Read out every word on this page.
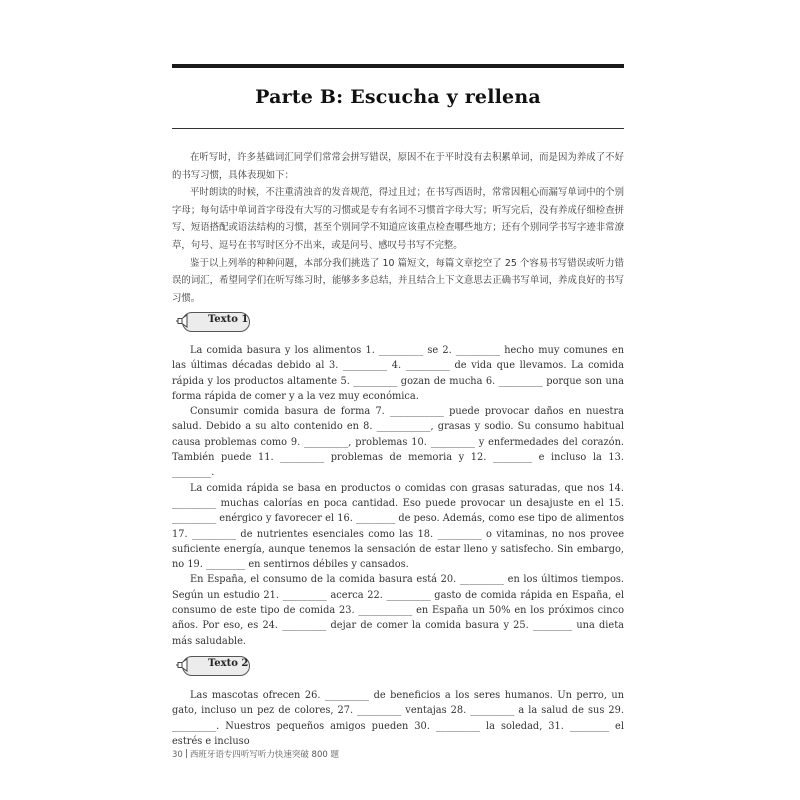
Parte B: Escucha y rellena

在听写时，许多基础词汇同学们常常会拼写错误，原因不在于平时没有去积累单词，而是因为养成了不好的书写习惯，具体表现如下：

平时朗读的时候，不注重清浊音的发音规范，得过且过；在书写西语时，常常因粗心而漏写单词中的个别字母；每句话中单词首字母没有大写的习惯或是专有名词不习惯首字母大写；听写完后，没有养成仔细检查拼写、短语搭配或语法结构的习惯，甚至个别同学不知道应该重点检查哪些地方；还有个别同学书写字迹非常潦草，句号、逗号在书写时区分不出来，或是问号、感叹号书写不完整。

鉴于以上列举的种种问题，本部分我们挑选了 10 篇短文，每篇文章挖空了 25 个容易书写错误或听力错误的词汇，希望同学们在听写练习时，能够多多总结，并且结合上下文意思去正确书写单词，养成良好的书写习惯。

Texto 1

La comida basura y los alimentos 1. _________ se 2. _________ hecho muy comunes en las últimas décadas debido al 3. _________ 4. _________ de vida que llevamos. La comida rápida y los productos altamente 5. _________ gozan de mucha 6. _________ porque son una forma rápida de comer y a la vez muy económica.

Consumir comida basura de forma 7. ___________ puede provocar daños en nuestra salud. Debido a su alto contenido en 8. ___________, grasas y sodio. Su consumo habitual causa problemas como 9. _________, problemas 10. _________ y enfermedades del corazón. También puede 11. _________ problemas de memoria y 12. ________ e incluso la 13. ________.

La comida rápida se basa en productos o comidas con grasas saturadas, que nos 14. _________ muchas calorías en poca cantidad. Eso puede provocar un desajuste en el 15. _________ enérgico y favorecer el 16. ________ de peso. Además, como ese tipo de alimentos 17. _________ de nutrientes esenciales como las 18. _________ o vitaminas, no nos provee suficiente energía, aunque tenemos la sensación de estar lleno y satisfecho. Sin embargo, no 19. ________ en sentirnos débiles y cansados.

En España, el consumo de la comida basura está 20. _________ en los últimos tiempos. Según un estudio 21. _________ acerca 22. _________ gasto de comida rápida en España, el consumo de este tipo de comida 23. ___________ en España un 50% en los próximos cinco años. Por eso, es 24. _________ dejar de comer la comida basura y 25. ________ una dieta más saludable.

Texto 2

Las mascotas ofrecen 26. _________ de beneficios a los seres humanos. Un perro, un gato, incluso un pez de colores, 27. _________ ventajas 28. _________ a la salud de sus 29. _________. Nuestros pequeños amigos pueden 30. _________ la soledad, 31. ________ el estrés e incluso

30 西班牙语专四听写听力快速突破 800 题
